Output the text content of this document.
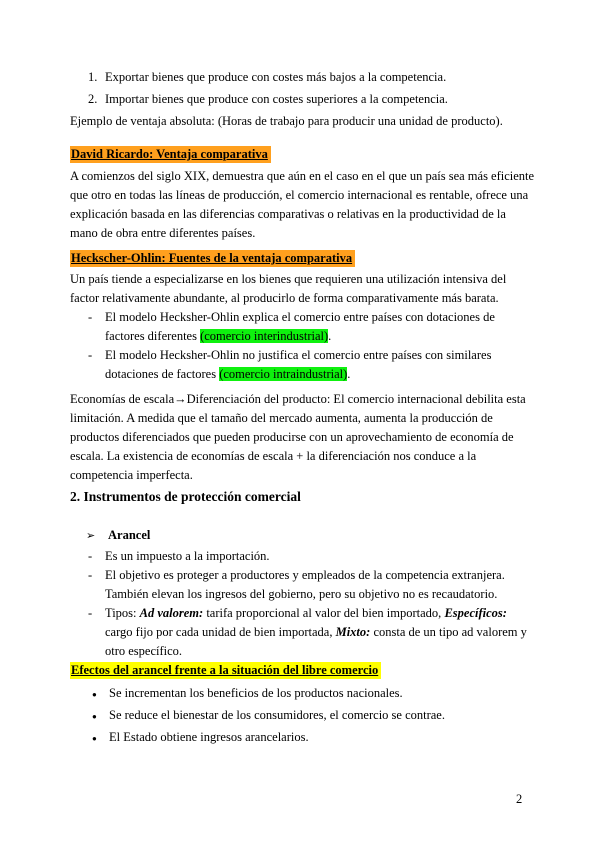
1. Exportar bienes que produce con costes más bajos a la competencia.
2. Importar bienes que produce con costes superiores a la competencia.

Ejemplo de ventaja absoluta: (Horas de trabajo para producir una unidad de producto).

David Ricardo: Ventaja comparativa

A comienzos del siglo XIX, demuestra que aún en el caso en el que un país sea más eficiente que otro en todas las líneas de producción, el comercio internacional es rentable, ofrece una explicación basada en las diferencias comparativas o relativas en la productividad de la mano de obra entre diferentes países.

Heckscher-Ohlin: Fuentes de la ventaja comparativa

Un país tiende a especializarse en los bienes que requieren una utilización intensiva del factor relativamente abundante, al producirlo de forma comparativamente más barata.

-	El modelo Hecksher-Ohlin explica el comercio entre países con dotaciones de factores diferentes (comercio interindustrial).
-	El modelo Hecksher-Ohlin no justifica el comercio entre países con similares dotaciones de factores (comercio intraindustrial).

Economías de escala→Diferenciación del producto: El comercio internacional debilita esta limitación. A medida que el tamaño del mercado aumenta, aumenta la producción de productos diferenciados que pueden producirse con un aprovechamiento de economía de escala. La existencia de economías de escala + la diferenciación nos conduce a la competencia imperfecta.

2. Instrumentos de protección comercial
➢	Arancel
-	Es un impuesto a la importación.
-	El objetivo es proteger a productores y empleados de la competencia extranjera. También elevan los ingresos del gobierno, pero su objetivo no es recaudatorio.
-	Tipos: Ad valorem: tarifa proporcional al valor del bien importado, Específicos: cargo fijo por cada unidad de bien importada, Mixto: consta de un tipo ad valorem y otro específico.
Efectos del arancel frente a la situación del libre comercio
● Se incrementan los beneficios de los productos nacionales.
● Se reduce el bienestar de los consumidores, el comercio se contrae.
● El Estado obtiene ingresos arancelarios.
2
